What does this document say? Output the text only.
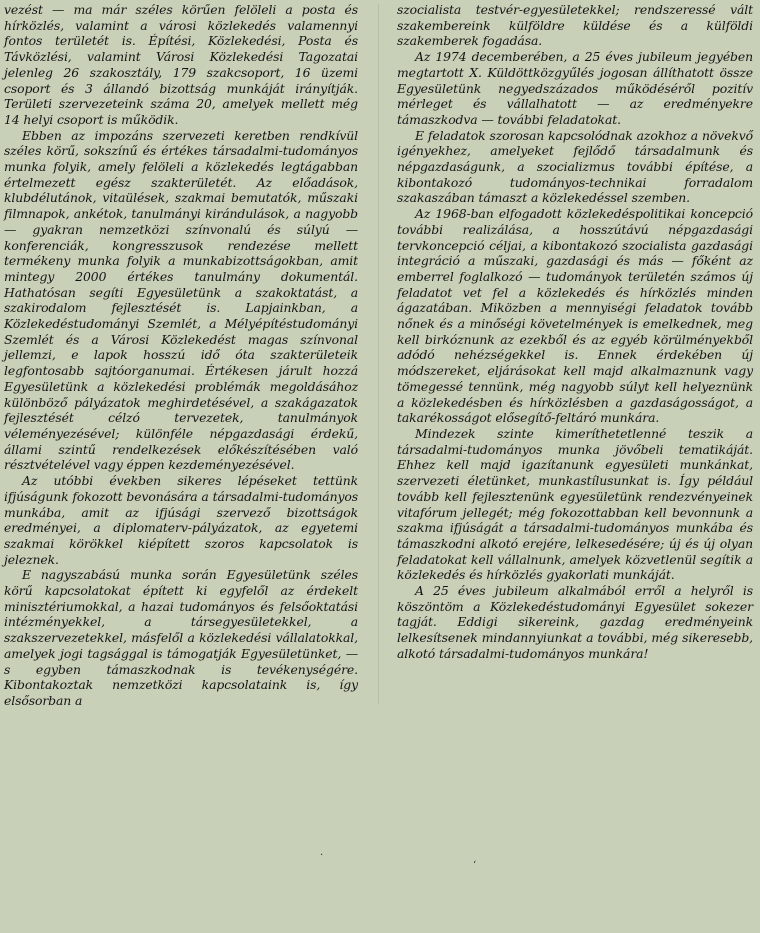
vezést — ma már széles körűen felöleli a posta és hírközlés, valamint a városi közlekedés valamennyi fontos területét is. Építési, Közlekedési, Posta és Távközlési, valamint Városi Közlekedési Tagozatai jelenleg 26 szakosztály, 179 szakcsoport, 16 üzemi csoport és 3 állandó bizottság munkáját irányítják. Területi szervezeteink száma 20, amelyek mellett még 14 helyi csoport is működik.

Ebben az impozáns szervezeti keretben rendkívül széles körű, sokszínű és értékes társadalmi-tudományos munka folyik, amely felöleli a közlekedés legtágabban értelmezett egész szakterületét. Az előadások, klubdélutánok, vitaülések, szakmai bemutatók, műszaki filmnapok, ankétok, tanulmányi kirándulások, a nagyobb — gyakran nemzetközi színvonalú és súlyú — konferenciák, kongresszusok rendezése mellett termékeny munka folyik a munkabizottságokban, amit mintegy 2000 értékes tanulmány dokumentál. Hathatósan segíti Egyesületünk a szakoktatást, a szakirodalom fejlesztését is. Lapjainkban, a Közlekedéstudományi Szemlét, a Mélyépítéstudományi Szemlét és a Városi Közlekedést magas színvonal jellemzi, e lapok hosszú idő óta szakterületeik legfontosabb sajtóorganumai. Értékesen járult hozzá Egyesületünk a közlekedési problémák megoldásához különböző pályázatok meghirdetésével, a szakágazatok fejlesztését célzó tervezetek, tanulmányok véleményezésével; különféle népgazdasági érdekű, állami szintű rendelkezések előkészítésében való résztvételével vagy éppen kezdeményezésével.

Az utóbbi években sikeres lépéseket tettünk ifjúságunk fokozott bevonására a társadalmi-tudományos munkába, amit az ifjúsági szervező bizottságok eredményei, a diplomaterv-pályázatok, az egyetemi szakmai körökkel kiépített szoros kapcsolatok is jeleznek.

E nagyszabású munka során Egyesületünk széles körű kapcsolatokat épített ki egyfelől az érdekelt minisztériumokkal, a hazai tudományos és felsőoktatási intézményekkel, a társegyesületekkel, a szakszervezetekkel, másfelől a közlekedési vállalatokkal, amelyek jogi tagsággal is támogatják Egyesületünket, — s egyben támaszkodnak is tevékenységére. Kibontakoztak nemzetközi kapcsolataink is, így elsősorban a

szocialista testvér-egyesületekkel; rendszeressé vált szakembereink külföldre küldése és a külföldi szakemberek fogadása.

Az 1974 decemberében, a 25 éves jubileum jegyében megtartott X. Küldöttközgyűlés jogosan állíthatott össze Egyesületünk negyedszázados működéséről pozitív mérleget és vállalhatott — az eredményekre támaszkodva — további feladatokat.

E feladatok szorosan kapcsolódnak azokhoz a növekvő igényekhez, amelyeket fejlődő társadalmunk és népgazdaságunk, a szocializmus további építése, a kibontakozó tudományos-technikai forradalom szakaszában támaszt a közlekedéssel szemben.

Az 1968-ban elfogadott közlekedéspolitikai koncepció további realizálása, a hosszútávú népgazdasági tervkoncepció céljai, a kibontakozó szocialista gazdasági integráció a műszaki, gazdasági és más — főként az emberrel foglalkozó — tudományok területén számos új feladatot vet fel a közlekedés és hírközlés minden ágazatában. Miközben a mennyiségi feladatok tovább nőnek és a minőségi követelmények is emelkednek, meg kell birkóznunk az ezekből és az egyéb körülményekből adódó nehézségekkel is. Ennek érdekében új módszereket, eljárásokat kell majd alkalmaznunk vagy tömegessé tennünk, még nagyobb súlyt kell helyeznünk a közlekedésben és hírközlésben a gazdaságosságot, a takarékosságot elősegítő-feltáró munkára.

Mindezek szinte kimeríthetetlenné teszik a társadalmi-tudományos munka jövőbeli tematikáját. Ehhez kell majd igazítanunk egyesületi munkánkat, szervezeti életünket, munkastílusunkat is. Így például tovább kell fejlesztenünk egyesületünk rendezvényeinek vitafórum jellegét; még fokozottabban kell bevonnunk a szakma ifjúságát a társadalmi-tudományos munkába és támaszkodni alkotó erejére, lelkesedésére; új és új olyan feladatokat kell vállalnunk, amelyek közvetlenül segítik a közlekedés és hírközlés gyakorlati munkáját.

A 25 éves jubileum alkalmából erről a helyről is köszöntöm a Közlekedéstudományi Egyesület sokezer tagját. Eddigi sikereink, gazdag eredményeink lelkesítsenek mindannyiunkat a további, még sikeresebb, alkotó társadalmi-tudományos munkára!

·
‘
